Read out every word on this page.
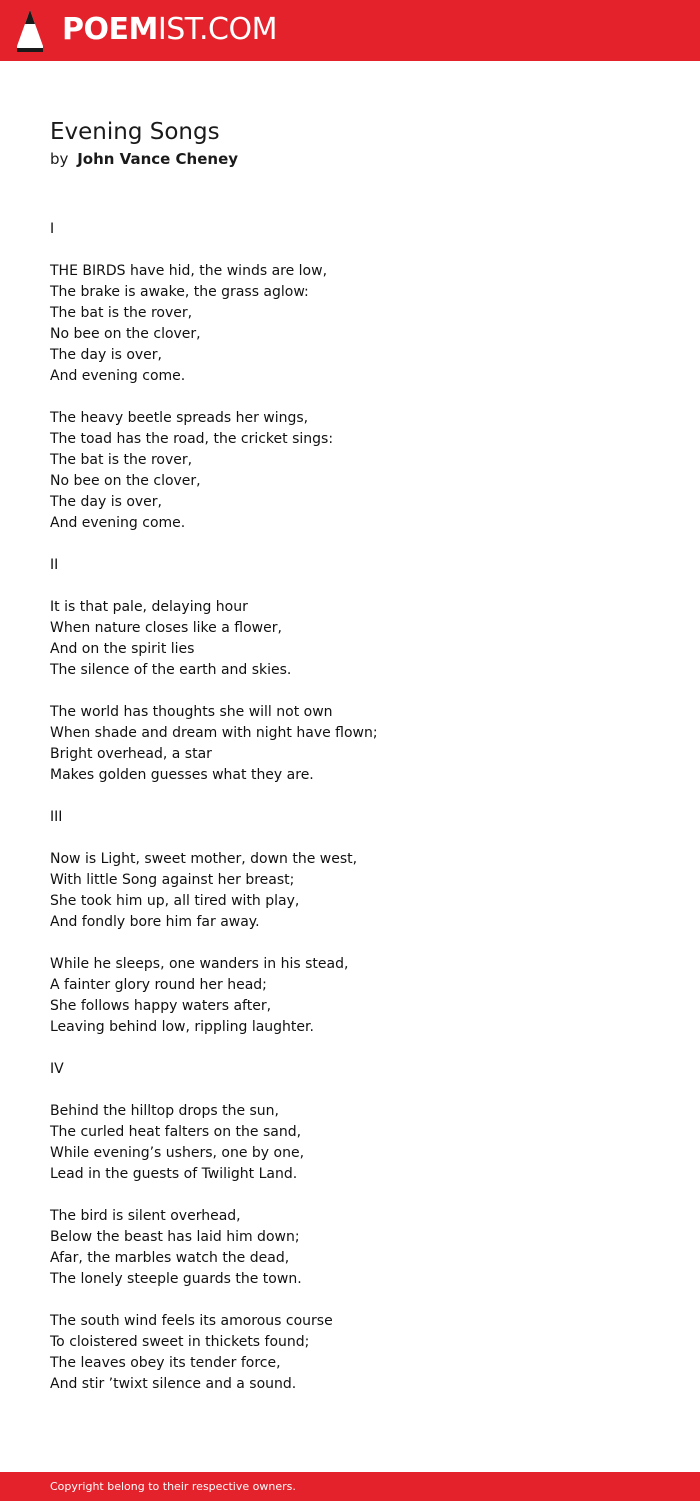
POEMIST.COM
Evening Songs
by John Vance Cheney
I
THE BIRDS have hid, the winds are low,
The brake is awake, the grass aglow:
The bat is the rover,
No bee on the clover,
The day is over,
And evening come.
The heavy beetle spreads her wings,
The toad has the road, the cricket sings:
The bat is the rover,
No bee on the clover,
The day is over,
And evening come.
II
It is that pale, delaying hour
When nature closes like a flower,
And on the spirit lies
The silence of the earth and skies.
The world has thoughts she will not own
When shade and dream with night have flown;
Bright overhead, a star
Makes golden guesses what they are.
III
Now is Light, sweet mother, down the west,
With little Song against her breast;
She took him up, all tired with play,
And fondly bore him far away.
While he sleeps, one wanders in his stead,
A fainter glory round her head;
She follows happy waters after,
Leaving behind low, rippling laughter.
IV
Behind the hilltop drops the sun,
The curled heat falters on the sand,
While evening’s ushers, one by one,
Lead in the guests of Twilight Land.
The bird is silent overhead,
Below the beast has laid him down;
Afar, the marbles watch the dead,
The lonely steeple guards the town.
The south wind feels its amorous course
To cloistered sweet in thickets found;
The leaves obey its tender force,
And stir ’twixt silence and a sound.
Copyright belong to their respective owners.
